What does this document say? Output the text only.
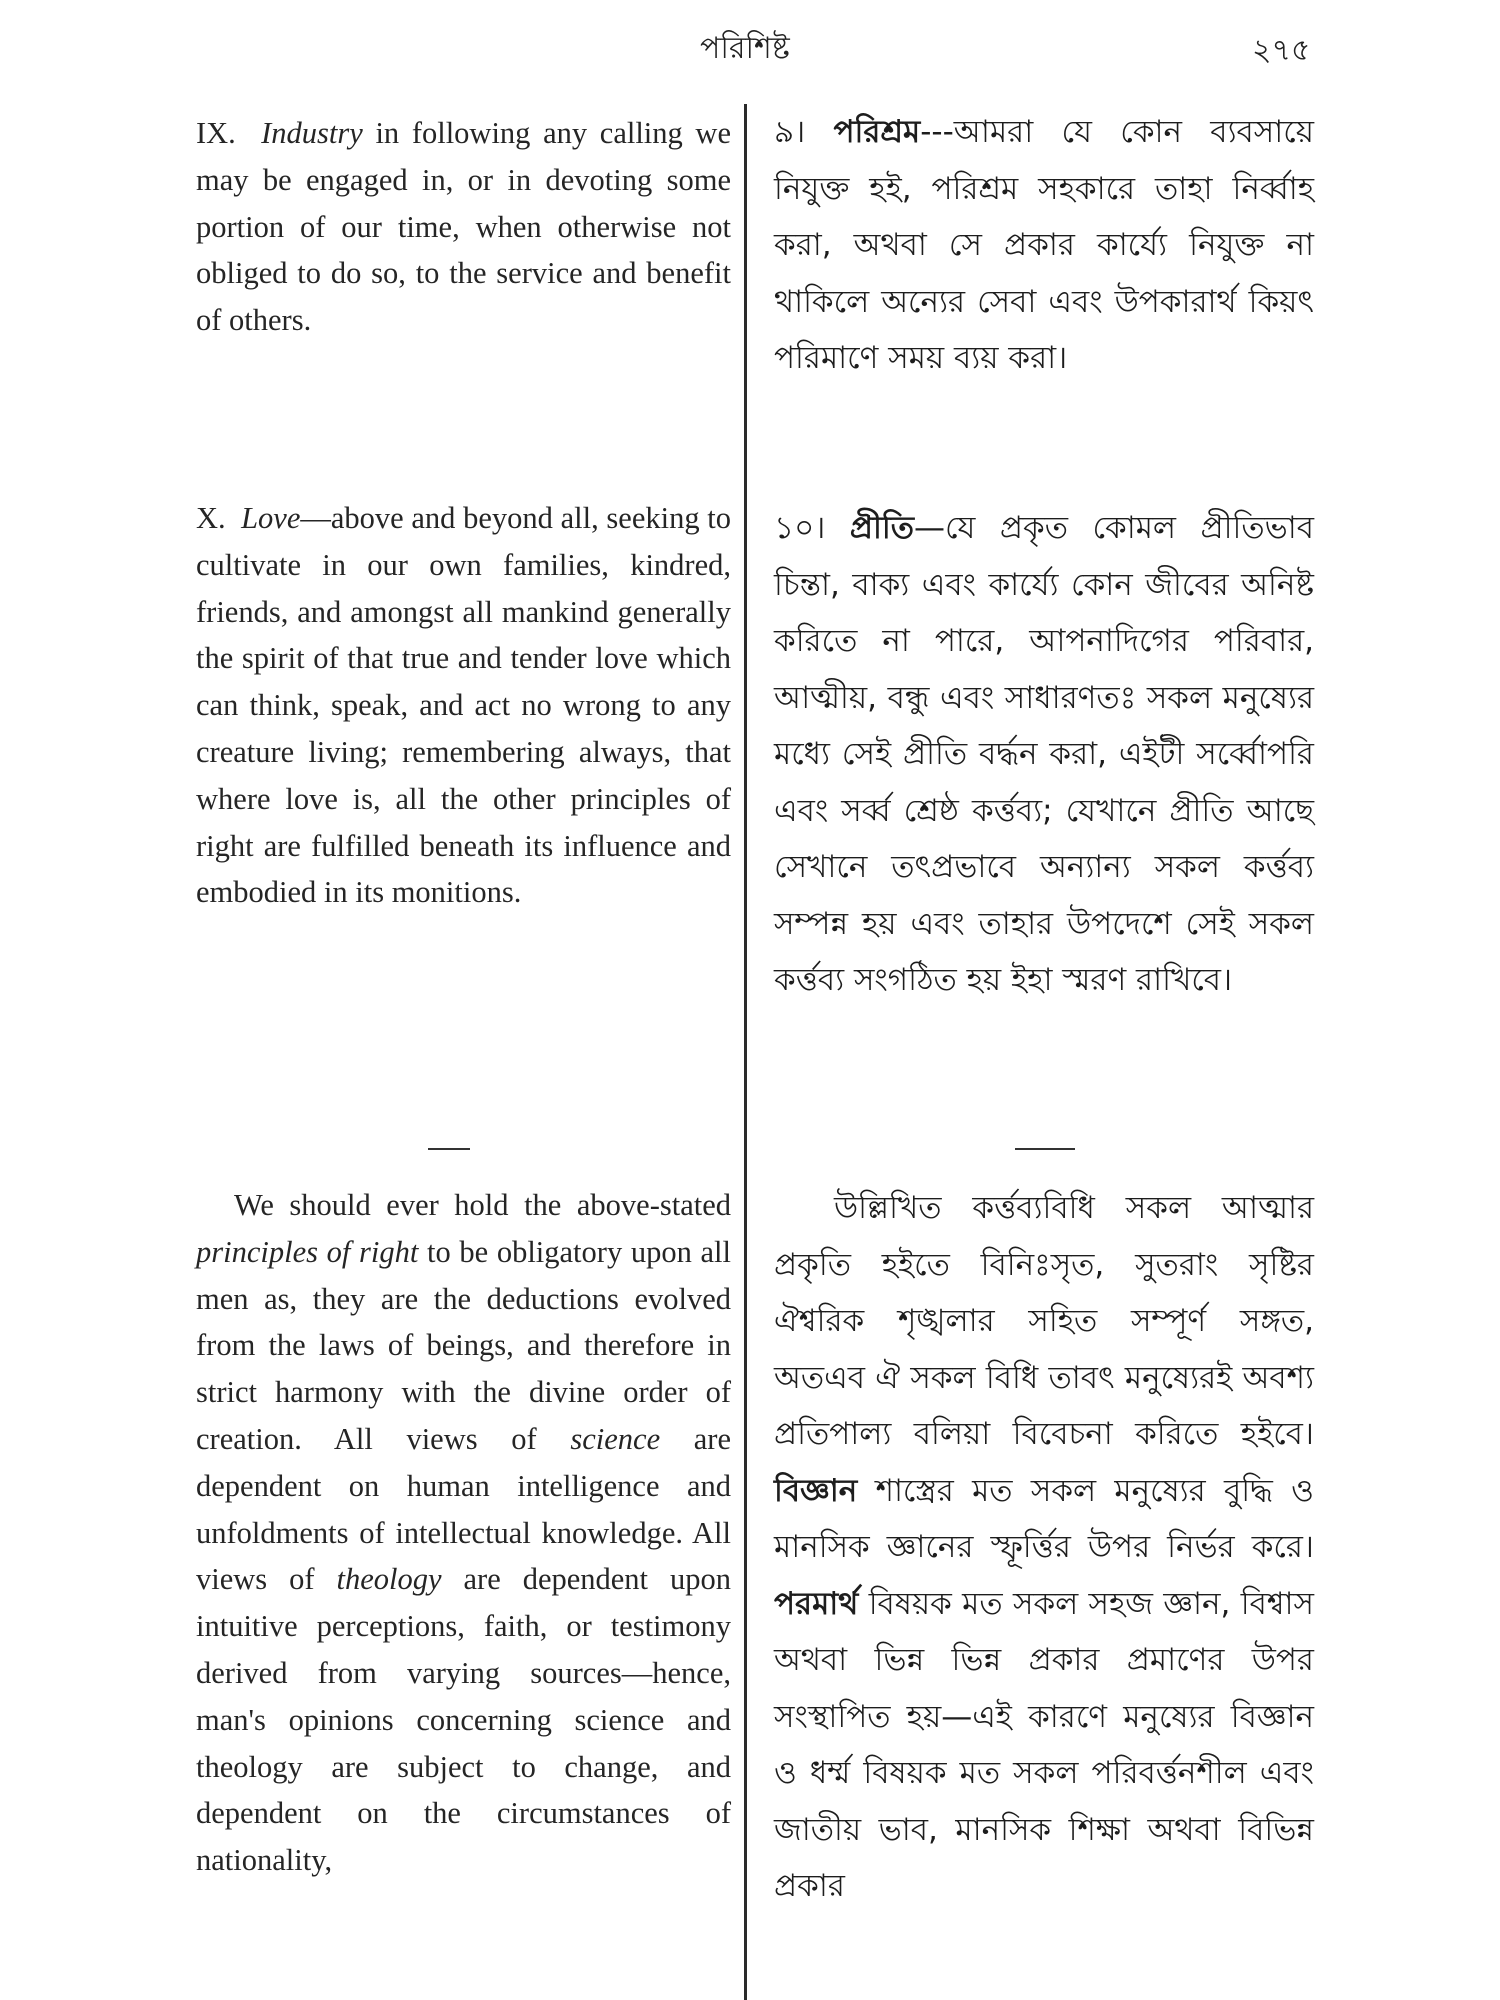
পরিশিষ্ট	২৭৫

IX. Industry in following any calling we may be engaged in, or in devoting some portion of our time, when otherwise not obliged to do so, to the service and benefit of others.

X. Love—above and beyond all, seeking to cultivate in our own families, kindred, friends, and amongst all mankind generally the spirit of that true and tender love which can think, speak, and act no wrong to any creature living; remembering always, that where love is, all the other principles of right are fulfilled beneath its influence and embodied in its monitions.

We should ever hold the above-stated principles of right to be obligatory upon all men as, they are the deductions evolved from the laws of beings, and therefore in strict harmony with the divine order of creation. All views of science are dependent on human intelligence and unfoldments of intellectual knowledge. All views of theology are dependent upon intuitive perceptions, faith, or testimony derived from varying sources—hence, man's opinions concerning science and theology are subject to change, and dependent on the circumstances of nationality,

৯। পরিশ্রম---আমরা যে কোন ব্যবসায়ে নিযুক্ত হই, পরিশ্রম সহকারে তাহা নির্ব্বাহ করা, অথবা সে প্রকার কার্য্যে নিযুক্ত না থাকিলে অন্যের সেবা এবং উপকারার্থ কিয়ৎ পরিমাণে সময় ব্যয় করা।

১০। প্রীতি—যে প্রকৃত কোমল প্রীতিভাব চিন্তা, বাক্য এবং কার্য্যে কোন জীবের অনিষ্ট করিতে না পারে, আপনাদিগের পরিবার, আত্মীয়, বন্ধু এবং সাধারণতঃ সকল মনুষ্যের মধ্যে সেই প্রীতি বর্দ্ধন করা, এইটী সর্ব্বোপরি এবং সর্ব্ব শ্রেষ্ঠ কর্ত্তব্য; যেখানে প্রীতি আছে সেখানে তৎপ্রভাবে অন্যান্য সকল কর্ত্তব্য সম্পন্ন হয় এবং তাহার উপদেশে সেই সকল কর্ত্তব্য সংগঠিত হয় ইহা স্মরণ রাখিবে।

উল্লিখিত কর্ত্তব্যবিধি সকল আত্মার প্রকৃতি হইতে বিনিঃসৃত, সুতরাং সৃষ্টির ঐশ্বরিক শৃঙ্খলার সহিত সম্পূর্ণ সঙ্গত, অতএব ঐ সকল বিধি তাবৎ মনুষ্যেরই অবশ্য প্রতিপাল্য বলিয়া বিবেচনা করিতে হইবে। বিজ্ঞান শাস্ত্রের মত সকল মনুষ্যের বুদ্ধি ও মানসিক জ্ঞানের স্ফূর্ত্তির উপর নির্ভর করে। পরমার্থ বিষয়ক মত সকল সহজ জ্ঞান, বিশ্বাস অথবা ভিন্ন ভিন্ন প্রকার প্রমাণের উপর সংস্থাপিত হয়—এই কারণে মনুষ্যের বিজ্ঞান ও ধর্ম্ম বিষয়ক মত সকল পরিবর্ত্তনশীল এবং জাতীয় ভাব, মানসিক শিক্ষা অথবা বিভিন্ন প্রকার
